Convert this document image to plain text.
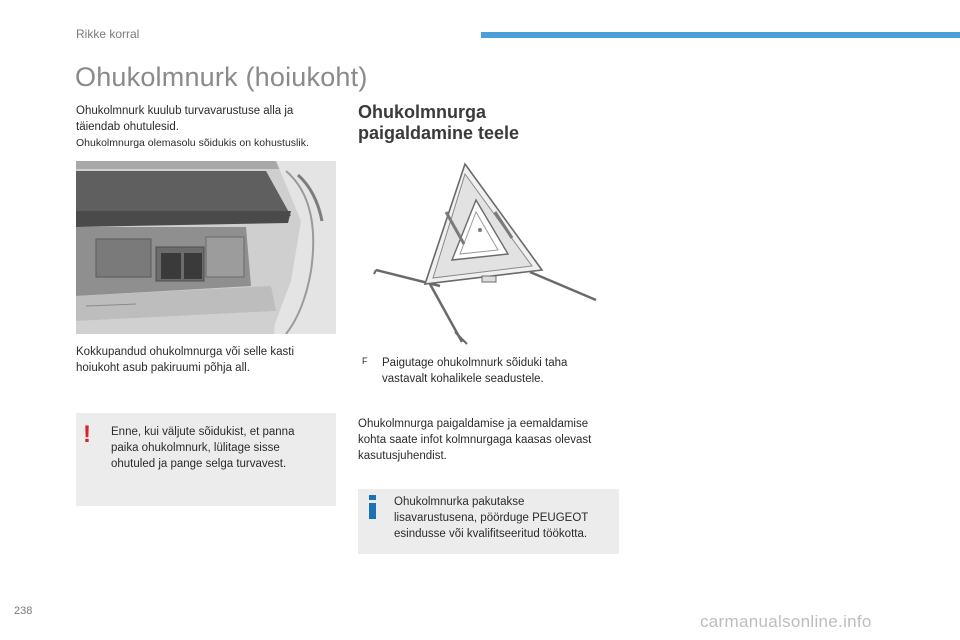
Rikke korral
Ohukolmnurk (hoiukoht)
Ohukolmnurk kuulub turvavarustuse alla ja
täiendab ohutulesid.
Ohukolmnurga olemasolu sõidukis on kohustuslik.
Kokkupandud ohukolmnurga või selle kasti
hoiukoht asub pakiruumi põhja all.
! Enne, kui väljute sõidukist, et panna
paika ohukolmnurk, lülitage sisse
ohutuled ja pange selga turvavest.
Ohukolmnurga
paigaldamine teele
F Paigutage ohukolmnurk sõiduki taha
vastavalt kohalikele seadustele.
Ohukolmnurga paigaldamise ja eemaldamise
kohta saate infot kolmnurgaga kaasas olevast
kasutusjuhendist.
Ohukolmnurka pakutakse
lisavarustusena, pöörduge PEUGEOT
esindusse või kvalifitseeritud töökotta.
238
carmanualsonline.info
